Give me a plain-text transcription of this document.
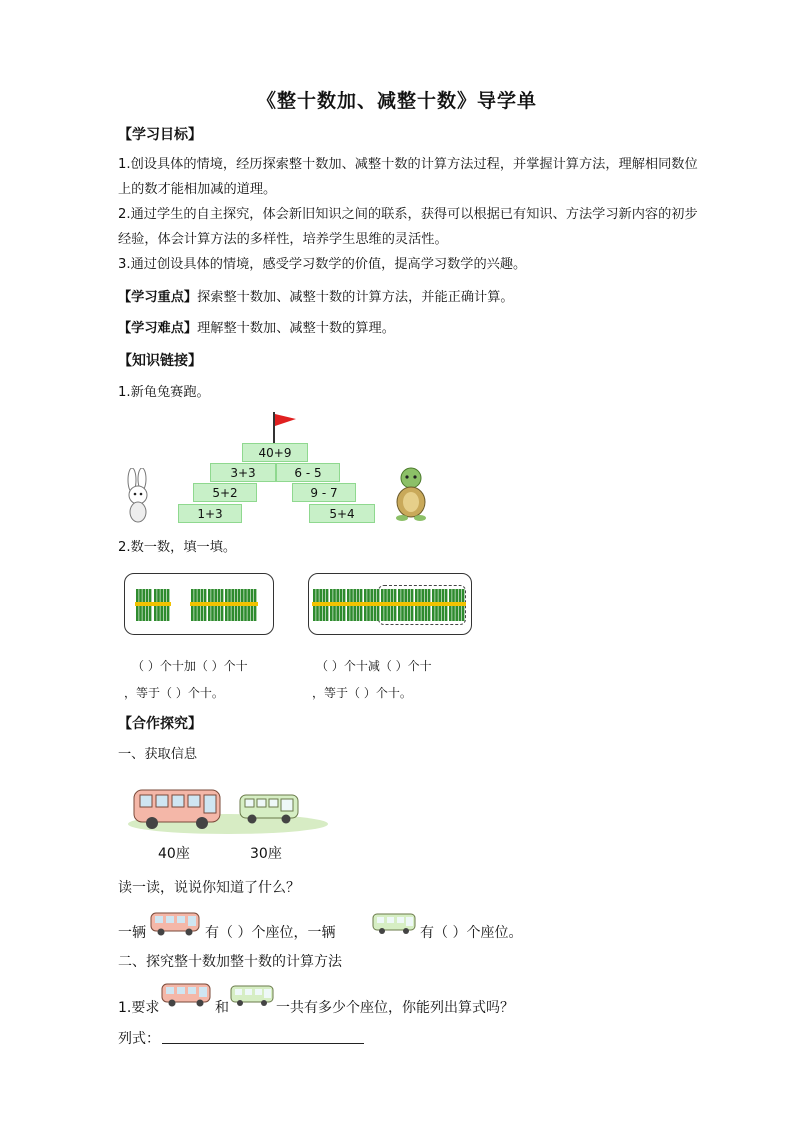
《整十数加、减整十数》导学单
【学习目标】
1.创设具体的情境，经历探索整十数加、减整十数的计算方法过程，并掌握计算方法，理解相同数位
上的数才能相加减的道理。
2.通过学生的自主探究，体会新旧知识之间的联系，获得可以根据已有知识、方法学习新内容的初步
经验，体会计算方法的多样性，培养学生思维的灵活性。
3.通过创设具体的情境，感受学习数学的价值，提高学习数学的兴趣。
【学习重点】探索整十数加、减整十数的计算方法，并能正确计算。
【学习难点】理解整十数加、减整十数的算理。
【知识链接】
1.新龟兔赛跑。
40+9
3+3	6 - 5
5+2	9 - 7
1+3	5+4
2.数一数，填一填。
（ ）个十加（ ）个十
，等于（ ）个十。
（ ）个十减（ ）个十
，等于（ ）个十。
【合作探究】
一、获取信息
40座	30座
读一读，说说你知道了什么？
一辆	有（ ）个座位，一辆	有（ ）个座位。
二、探究整十数加整十数的计算方法
1.要求	和	一共有多少个座位，你能列出算式吗？
列式：
